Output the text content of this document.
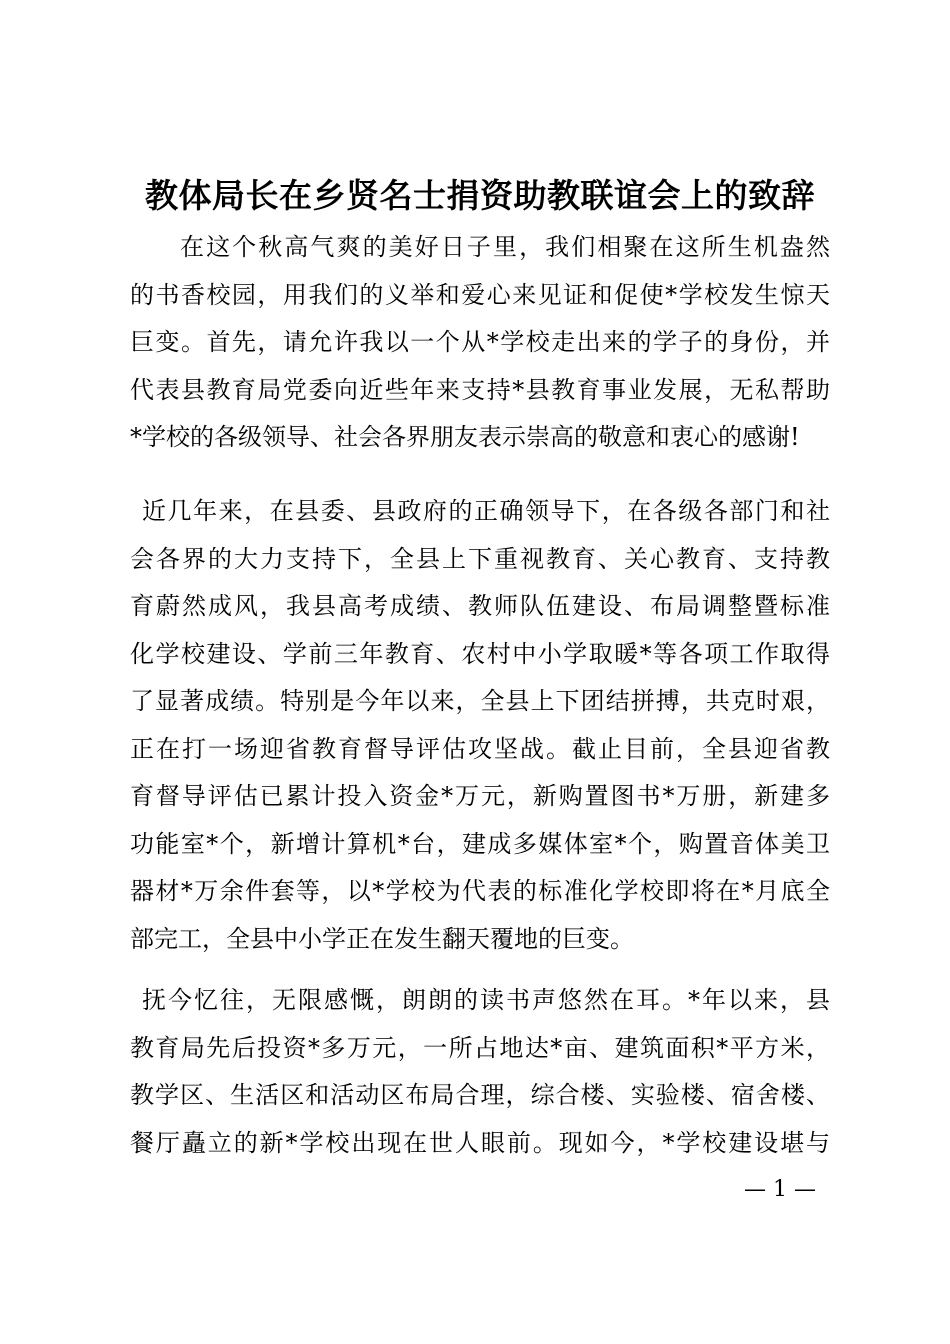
教体局长在乡贤名士捐资助教联谊会上的致辞
在这个秋高气爽的美好日子里，我们相聚在这所生机盎然
的书香校园，用我们的义举和爱心来见证和促使*学校发生惊天
巨变。首先，请允许我以一个从*学校走出来的学子的身份，并
代表县教育局党委向近些年来支持*县教育事业发展，无私帮助
*学校的各级领导、社会各界朋友表示崇高的敬意和衷心的感谢!
近几年来，在县委、县政府的正确领导下，在各级各部门和社
会各界的大力支持下，全县上下重视教育、关心教育、支持教
育蔚然成风，我县高考成绩、教师队伍建设、布局调整暨标准
化学校建设、学前三年教育、农村中小学取暖*等各项工作取得
了显著成绩。特别是今年以来，全县上下团结拼搏，共克时艰，
正在打一场迎省教育督导评估攻坚战。截止目前，全县迎省教
育督导评估已累计投入资金*万元，新购置图书*万册，新建多
功能室*个，新增计算机*台，建成多媒体室*个，购置音体美卫
器材*万余件套等，以*学校为代表的标准化学校即将在*月底全
部完工，全县中小学正在发生翻天覆地的巨变。
抚今忆往，无限感慨，朗朗的读书声悠然在耳。*年以来，县
教育局先后投资*多万元，一所占地达*亩、建筑面积*平方米，
教学区、生活区和活动区布局合理，综合楼、实验楼、宿舍楼、
餐厅矗立的新*学校出现在世人眼前。现如今，*学校建设堪与
— 1 —
